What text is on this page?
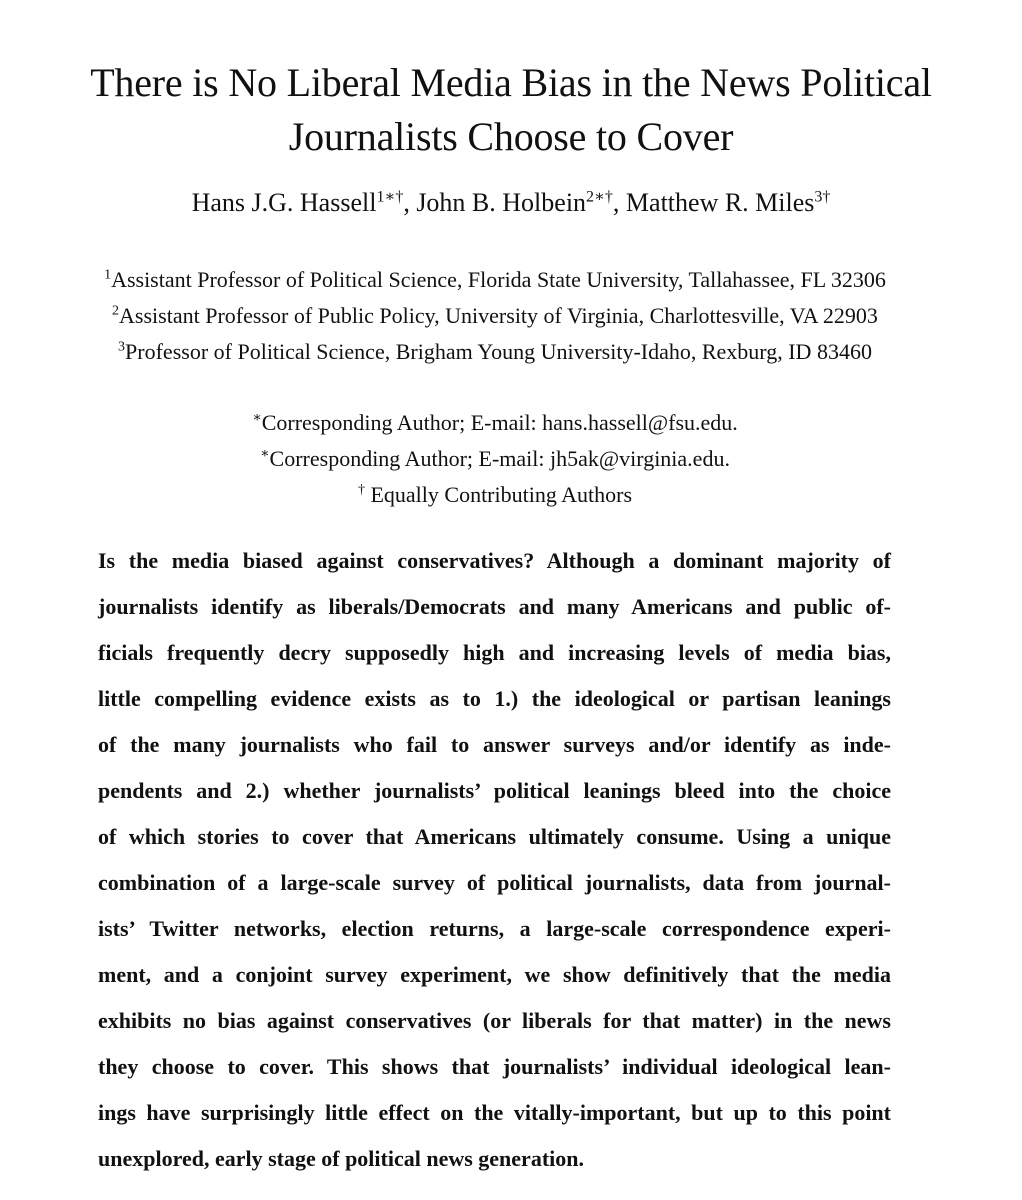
There is No Liberal Media Bias in the News Political
Journalists Choose to Cover
Hans J.G. Hassell$^{1∗\dagger}$, John B. Holbein$^{2∗\dagger}$, Matthew R. Miles$^{3\dagger}$
$^1$Assistant Professor of Political Science, Florida State University, Tallahassee, FL 32306
$^2$Assistant Professor of Public Policy, University of Virginia, Charlottesville, VA 22903
$^3$Professor of Political Science, Brigham Young University-Idaho, Rexburg, ID 83460
∗Corresponding Author; E-mail: hans.hassell@fsu.edu.
∗Corresponding Author; E-mail: jh5ak@virginia.edu.
† Equally Contributing Authors
Is the media biased against conservatives? Although a dominant majority of
journalists identify as liberals/Democrats and many Americans and public of-
ficials frequently decry supposedly high and increasing levels of media bias,
little compelling evidence exists as to 1.) the ideological or partisan leanings
of the many journalists who fail to answer surveys and/or identify as inde-
pendents and 2.) whether journalists’ political leanings bleed into the choice
of which stories to cover that Americans ultimately consume. Using a unique
combination of a large-scale survey of political journalists, data from journal-
ists’ Twitter networks, election returns, a large-scale correspondence experi-
ment, and a conjoint survey experiment, we show definitively that the media
exhibits no bias against conservatives (or liberals for that matter) in the news
they choose to cover. This shows that journalists’ individual ideological lean-
ings have surprisingly little effect on the vitally-important, but up to this point
unexplored, early stage of political news generation.
